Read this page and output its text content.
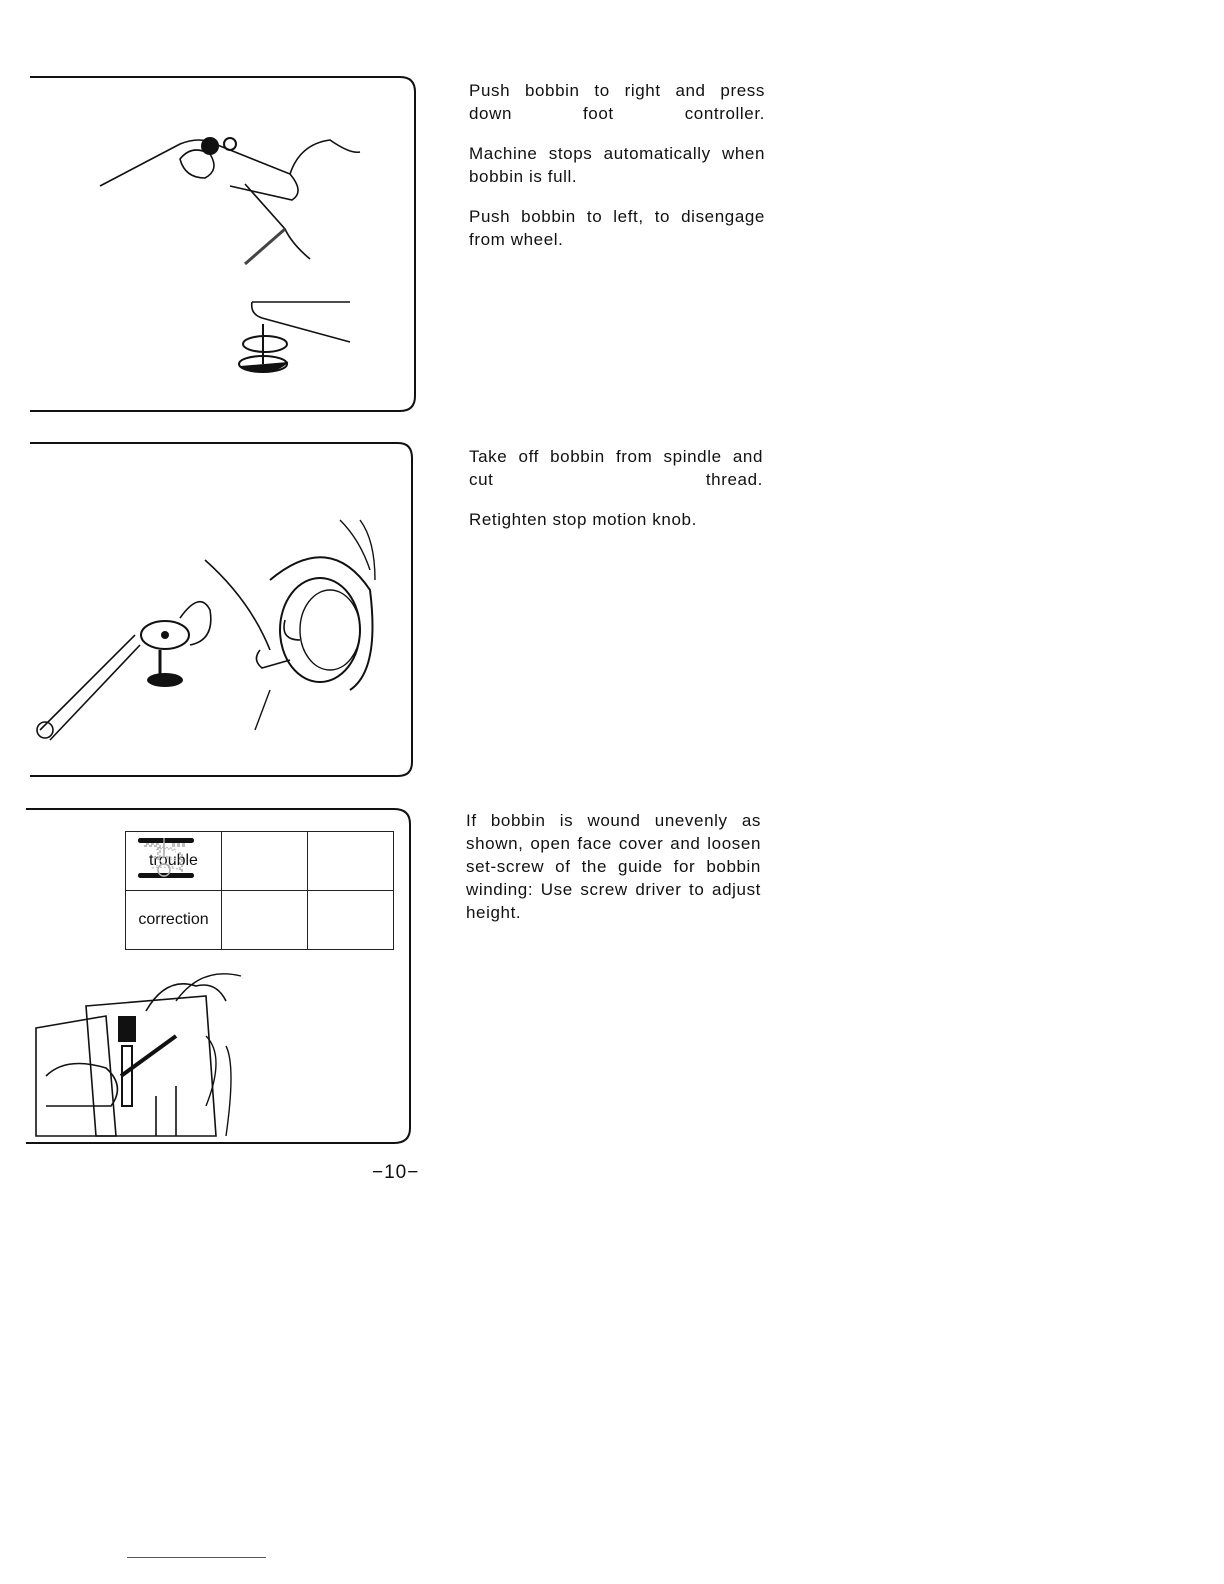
Push bobbin to right and press down foot controller.

Machine stops automatically when bobbin is full.

Push bobbin to left, to disengage from wheel.

Take off bobbin from spindle and cut thread.

Retighten stop motion knob.

trouble	

correction	

If bobbin is wound unevenly as shown, open face cover and loosen set-screw of the guide for bobbin winding: Use screw driver to adjust height.

−10−
